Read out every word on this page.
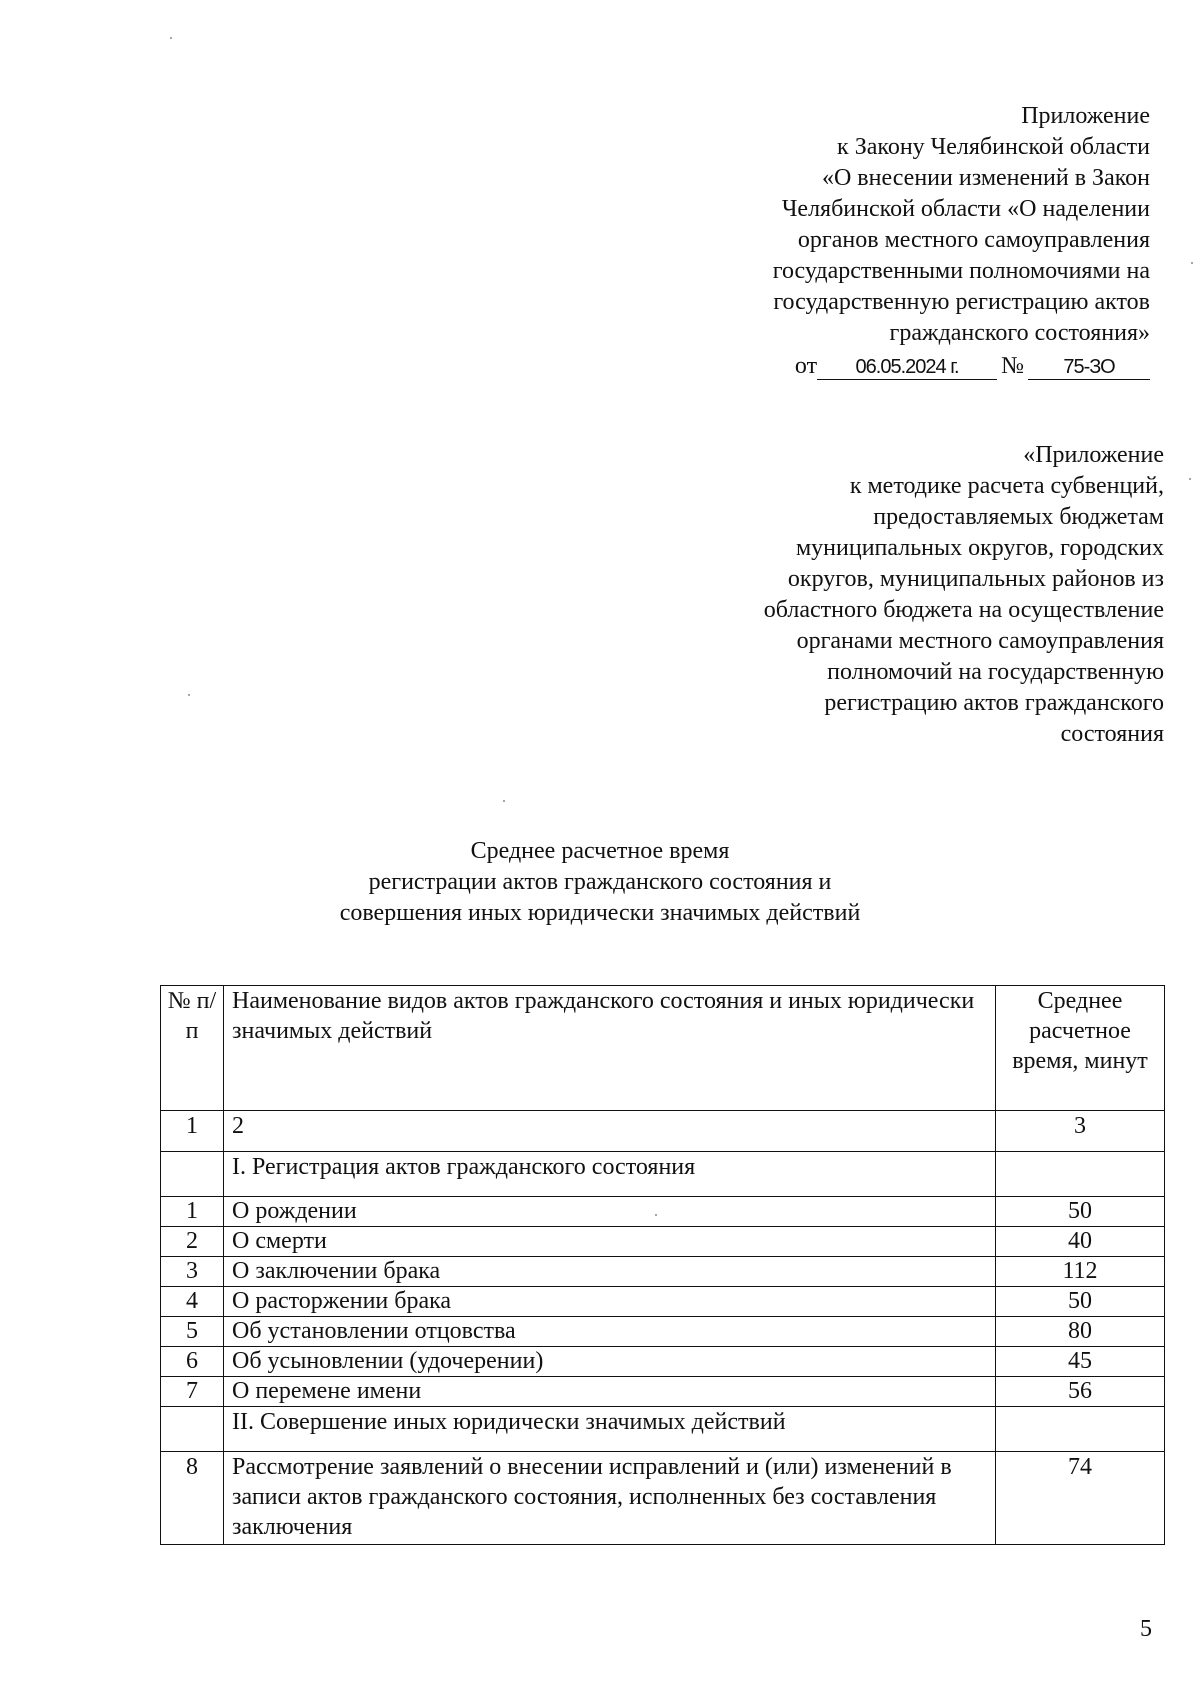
Приложение
к Закону Челябинской области
«О внесении изменений в Закон
Челябинской области «О наделении
органов местного самоуправления
государственными полномочиями на
государственную регистрацию актов
гражданского состояния»
от 06.05.2024 г. № 75-ЗО
«Приложение
к методике расчета субвенций,
предоставляемых бюджетам
муниципальных округов, городских
округов, муниципальных районов из
областного бюджета на осуществление
органами местного самоуправления
полномочий на государственную
регистрацию актов гражданского
состояния
Среднее расчетное время
регистрации актов гражданского состояния и
совершения иных юридически значимых действий
№ п/п	Наименование видов актов гражданского состояния и иных юридически значимых действий	Среднее расчетное время, минут
1	2	3
	I. Регистрация актов гражданского состояния	
1	О рождении	50
2	О смерти	40
3	О заключении брака	112
4	О расторжении брака	50
5	Об установлении отцовства	80
6	Об усыновлении (удочерении)	45
7	О перемене имени	56
	II. Совершение иных юридически значимых действий	
8	Рассмотрение заявлений о внесении исправлений и (или) изменений в записи актов гражданского состояния, исполненных без составления заключения	74
5
